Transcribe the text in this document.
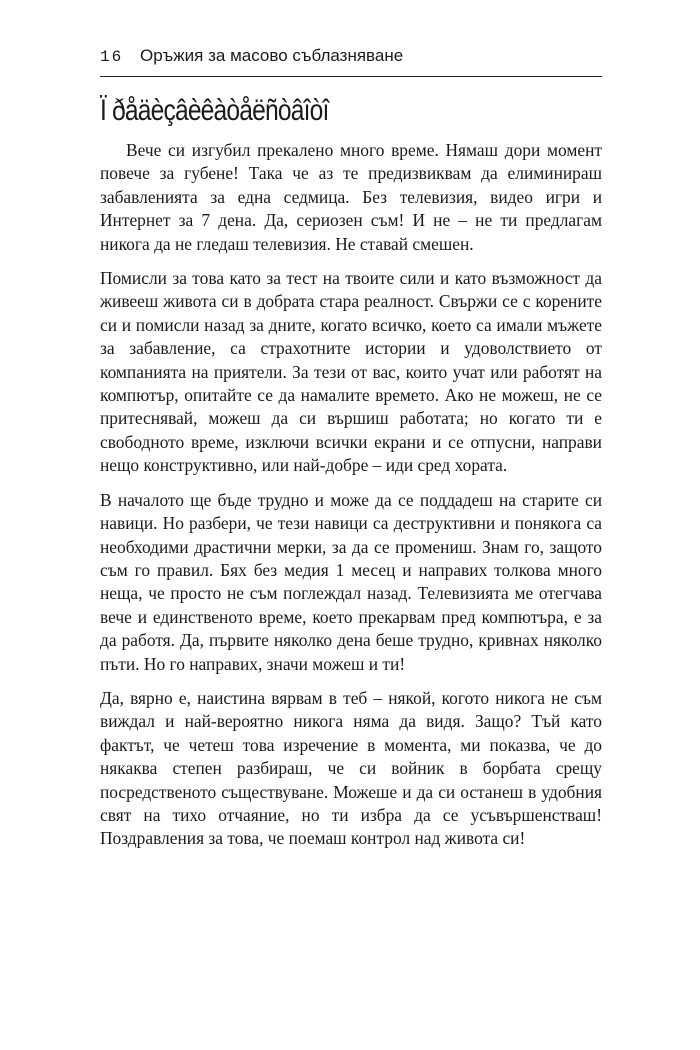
16 Оръжия за масово съблазняване
Ï ðåäèçâèêàòåëñòâîòî

Вече си изгубил прекалено много време. Нямаш дори момент повече за губене! Така че аз те предизвиквам да елиминираш забавленията за една седмица. Без телевизия, видео игри и Интернет за 7 дена. Да, сериозен съм! И не – не ти предлагам никога да не гледаш телевизия. Не ставай смешен.

Помисли за това като за тест на твоите сили и като възможност да живееш живота си в добрата стара реалност. Свържи се с корените си и помисли назад за дните, когато всичко, което са имали мъжете за забавление, са страхотните истории и удоволствието от компанията на приятели. За тези от вас, които учат или работят на компютър, опитайте се да намалите времето. Ако не можеш, не се притеснявай, можеш да си вършиш работата; но когато ти е свободното време, изключи всички екрани и се отпусни, направи нещо конструктивно, или най-добре – иди сред хората.

В началото ще бъде трудно и може да се поддадеш на старите си навици. Но разбери, че тези навици са деструктивни и понякога са необходими драстични мерки, за да се промениш. Знам го, защото съм го правил. Бях без медия 1 месец и направих толкова много неща, че просто не съм поглеждал назад. Телевизията ме отегчава вече и единственото време, което прекарвам пред компютъра, е за да работя. Да, първите няколко дена беше трудно, кривнах няколко пъти. Но го направих, значи можеш и ти!

Да, вярно е, наистина вярвам в теб – някой, когото никога не съм виждал и най-вероятно никога няма да видя. Защо? Тъй като фактът, че четеш това изречение в момента, ми показва, че до някаква степен разбираш, че си войник в борбата срещу посредственото съществуване. Можеше и да си останеш в удобния свят на тихо отчаяние, но ти избра да се усъвършенстваш! Поздравления за това, че поемаш контрол над живота си!
